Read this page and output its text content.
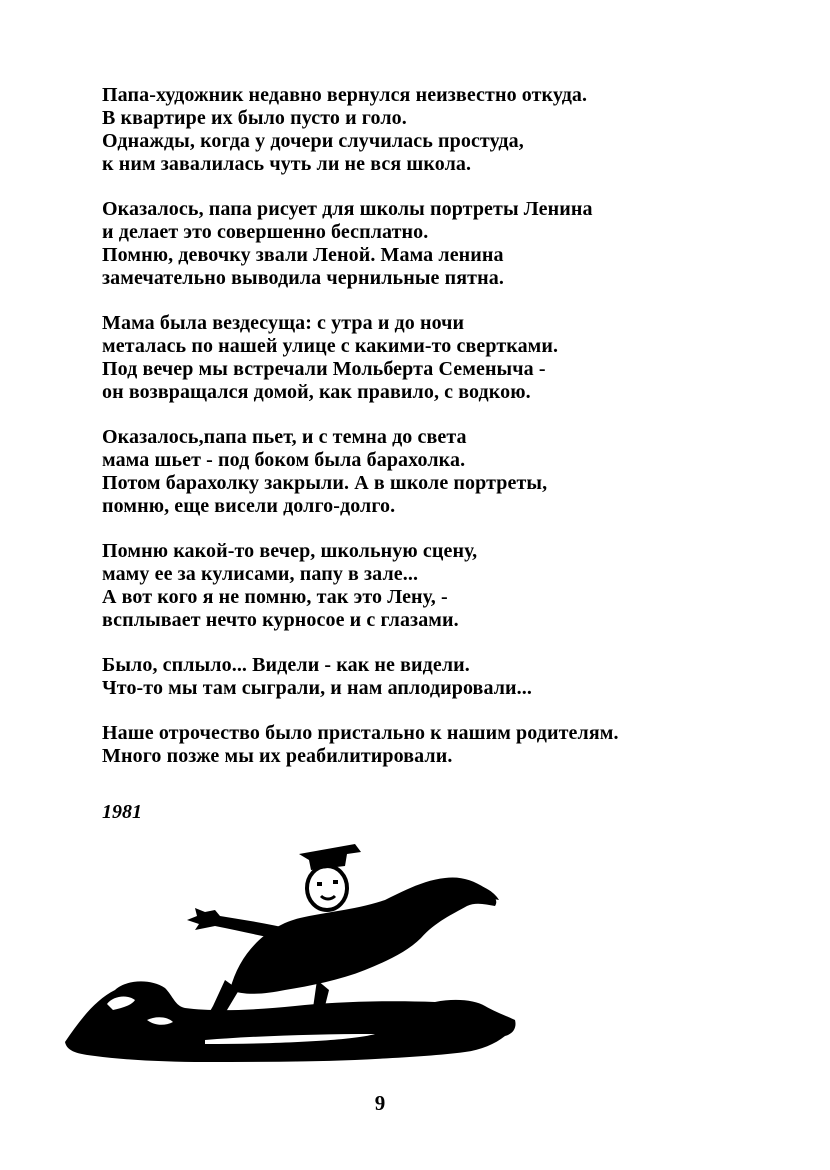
Папа-художник недавно вернулся неизвестно откуда.
В квартире их было пусто и голо.
Однажды, когда у дочери случилась простуда,
к ним завалилась чуть ли не вся школа.
Оказалось, папа рисует для школы портреты Ленина
и делает это совершенно бесплатно.
Помню, девочку звали Леной. Мама ленина
замечательно выводила чернильные пятна.
Мама была вездесуща: с утра и до ночи
металась по нашей улице с какими-то свертками.
Под вечер мы встречали Мольберта Семеныча -
он возвращался домой, как правило, с водкою.
Оказалось,папа пьет, и с темна до света
мама шьет - под боком была барахолка.
Потом барахолку закрыли. А в школе портреты,
помню, еще висели долго-долго.
Помню какой-то вечер, школьную сцену,
маму ее за кулисами, папу в зале...
А вот кого я не помню, так это Лену, -
всплывает нечто курносое и с глазами.
Было, сплыло... Видели - как не видели.
Что-то мы там сыграли, и нам аплодировали...
Наше отрочество было пристально к нашим родителям.
Много позже мы их реабилитировали.
1981
9
